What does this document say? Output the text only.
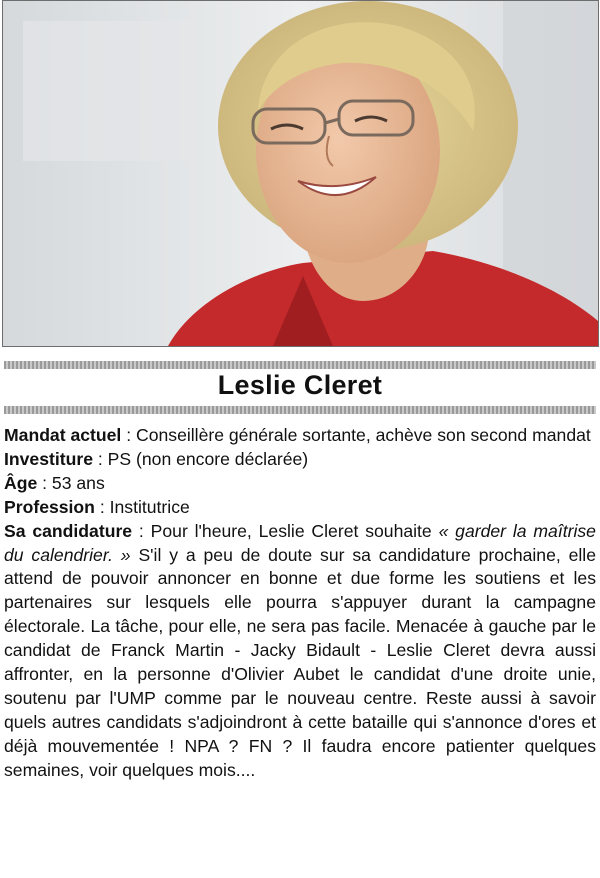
Leslie Cleret

Mandat actuel : Conseillère générale sortante, achève son second mandat

Investiture : PS (non encore déclarée)

Âge : 53 ans

Profession : Institutrice

Sa candidature : Pour l'heure, Leslie Cleret souhaite « garder la maîtrise du calendrier. » S'il y a peu de doute sur sa candidature prochaine, elle attend de pouvoir annoncer en bonne et due forme les soutiens et les partenaires sur lesquels elle pourra s'appuyer durant la campagne électorale. La tâche, pour elle, ne sera pas facile. Menacée à gauche par le candidat de Franck Martin - Jacky Bidault - Leslie Cleret devra aussi affronter, en la personne d'Olivier Aubet le candidat d'une droite unie, soutenu par l'UMP comme par le nouveau centre. Reste aussi à savoir quels autres candidats s'adjoindront à cette bataille qui s'annonce d'ores et déjà mouvementée ! NPA ? FN ? Il faudra encore patienter quelques semaines, voir quelques mois....
